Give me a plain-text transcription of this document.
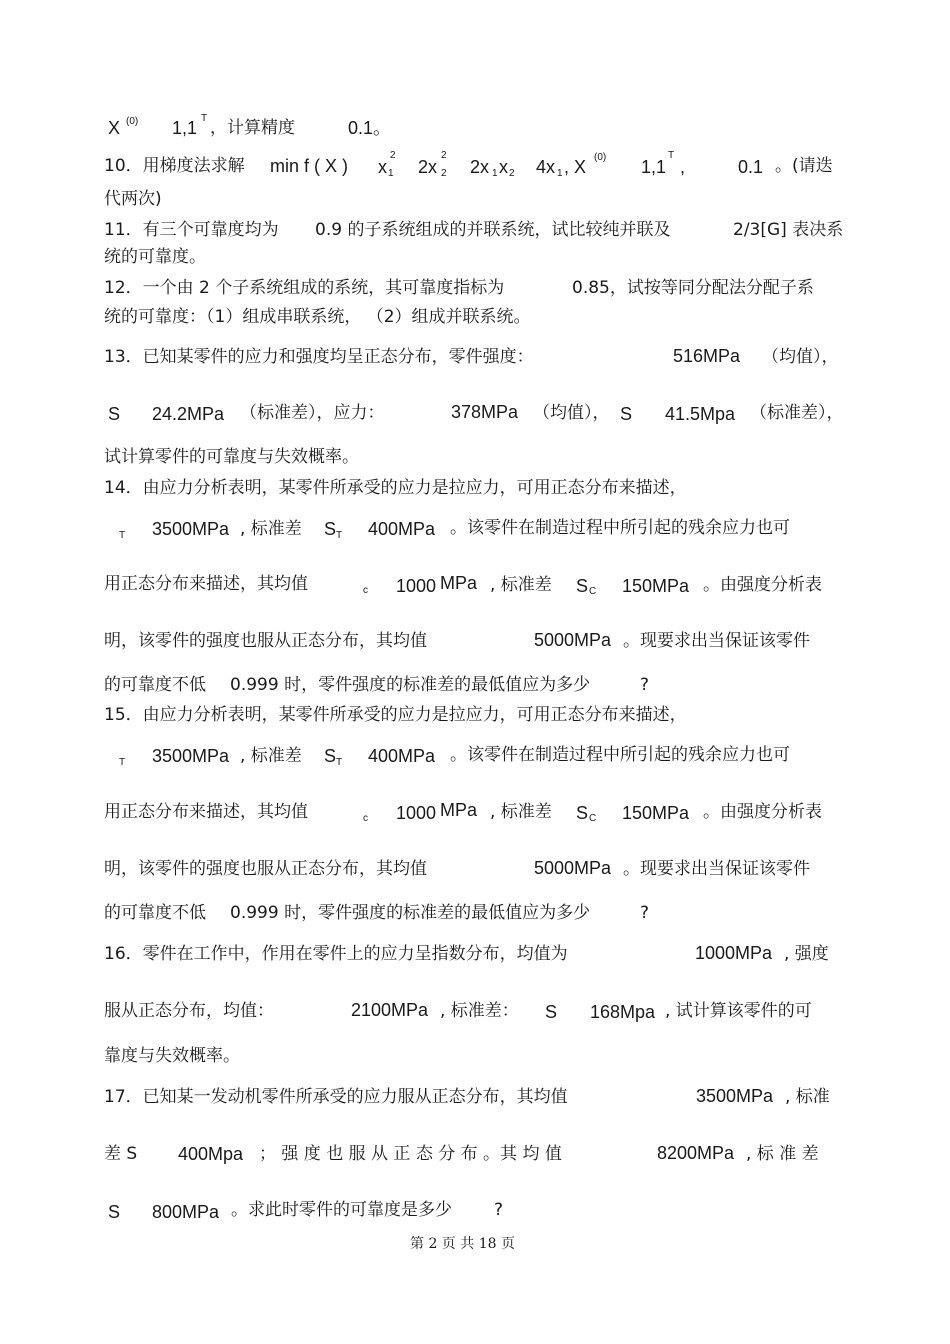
X (0) 1,1 T ，计算精度	0.1。
10．用梯度法求解 min f ( X ) x
2
1 2x
2
2 2x 1 x 2 4x 1 , X (0) 1,1
T
,	0.1 。(请迭
代两次)
11．有三个可靠度均为 0.9 的子系统组成的并联系统，试比较纯并联及	2/3[G] 表决系
统的可靠度。
12．一个由 2 个子系统组成的系统，其可靠度指标为	0.85，试按等同分配法分配子系
统的可靠度：（1）组成串联系统， （2）组成并联系统。
13．已知某零件的应力和强度均呈正态分布，零件强度：	516MPa （均值），
S 24.2MPa （标准差），应力：	378MPa （均值）， S 41.5Mpa （标准差），
试计算零件的可靠度与失效概率。
14．由应力分析表明，某零件所承受的应力是拉应力，可用正态分布来描述，
T 3500MPa , 标准差 S T 400MPa 。该零件在制造过程中所引起的残余应力也可
用正态分布来描述，其均值	c 1000 MPa , 标准差 S C 150MPa 。由强度分析表
明，该零件的强度也服从正态分布，其均值	5000MPa 。现要求出当保证该零件
的可靠度不低 0.999 时，零件强度的标准差的最低值应为多少	?
15．由应力分析表明，某零件所承受的应力是拉应力，可用正态分布来描述，
T 3500MPa , 标准差 S T 400MPa 。该零件在制造过程中所引起的残余应力也可
用正态分布来描述，其均值	c 1000 MPa , 标准差 S C 150MPa 。由强度分析表
明，该零件的强度也服从正态分布，其均值	5000MPa 。现要求出当保证该零件
的可靠度不低 0.999 时，零件强度的标准差的最低值应为多少	?
16．零件在工作中，作用在零件上的应力呈指数分布，均值为	1000MPa , 强度
服从正态分布，均值：	2100MPa , 标准差： S 168Mpa , 试计算该零件的可
靠度与失效概率。
17．已知某一发动机零件所承受的应力服从正态分布，其均值	3500MPa , 标准
差 S 400Mpa ； 强 度 也 服 从 正 态 分 布 。其 均 值	8200MPa , 标 准 差
S 800MPa 。求此时零件的可靠度是多少 ?
第 2 页 共 18 页
